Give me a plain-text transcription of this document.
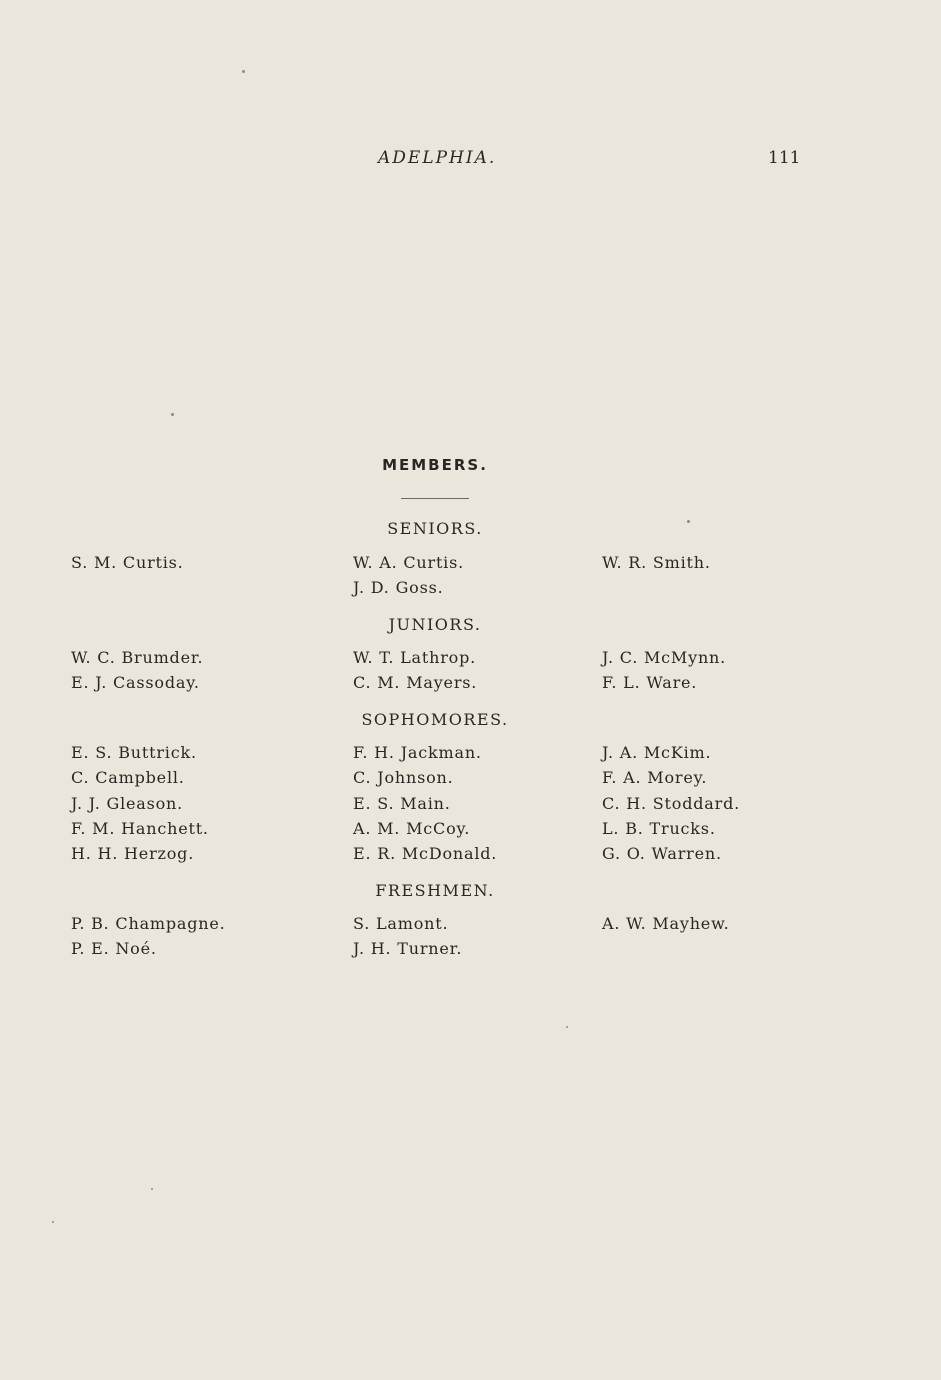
ADELPHIA.	111
MEMBERS.
SENIORS.
S. M. Curtis.	W. A. Curtis.
J. D. Goss.
W. R. Smith.
JUNIORS.
W. C. Brumder.
E. J. Cassoday.
W. T. Lathrop.
C. M. Mayers.
J. C. McMynn.
F. L. Ware.
SOPHOMORES.
E. S. Buttrick.
C. Campbell.
J. J. Gleason.
F. M. Hanchett.
H. H. Herzog.
F. H. Jackman.
C. Johnson.
E. S. Main.
A. M. McCoy.
E. R. McDonald.
J. A. McKim.
F. A. Morey.
C. H. Stoddard.
L. B. Trucks.
G. O. Warren.
FRESHMEN.
P. B. Champagne.
P. E. Noé.
S. Lamont.
J. H. Turner.
A. W. Mayhew.
